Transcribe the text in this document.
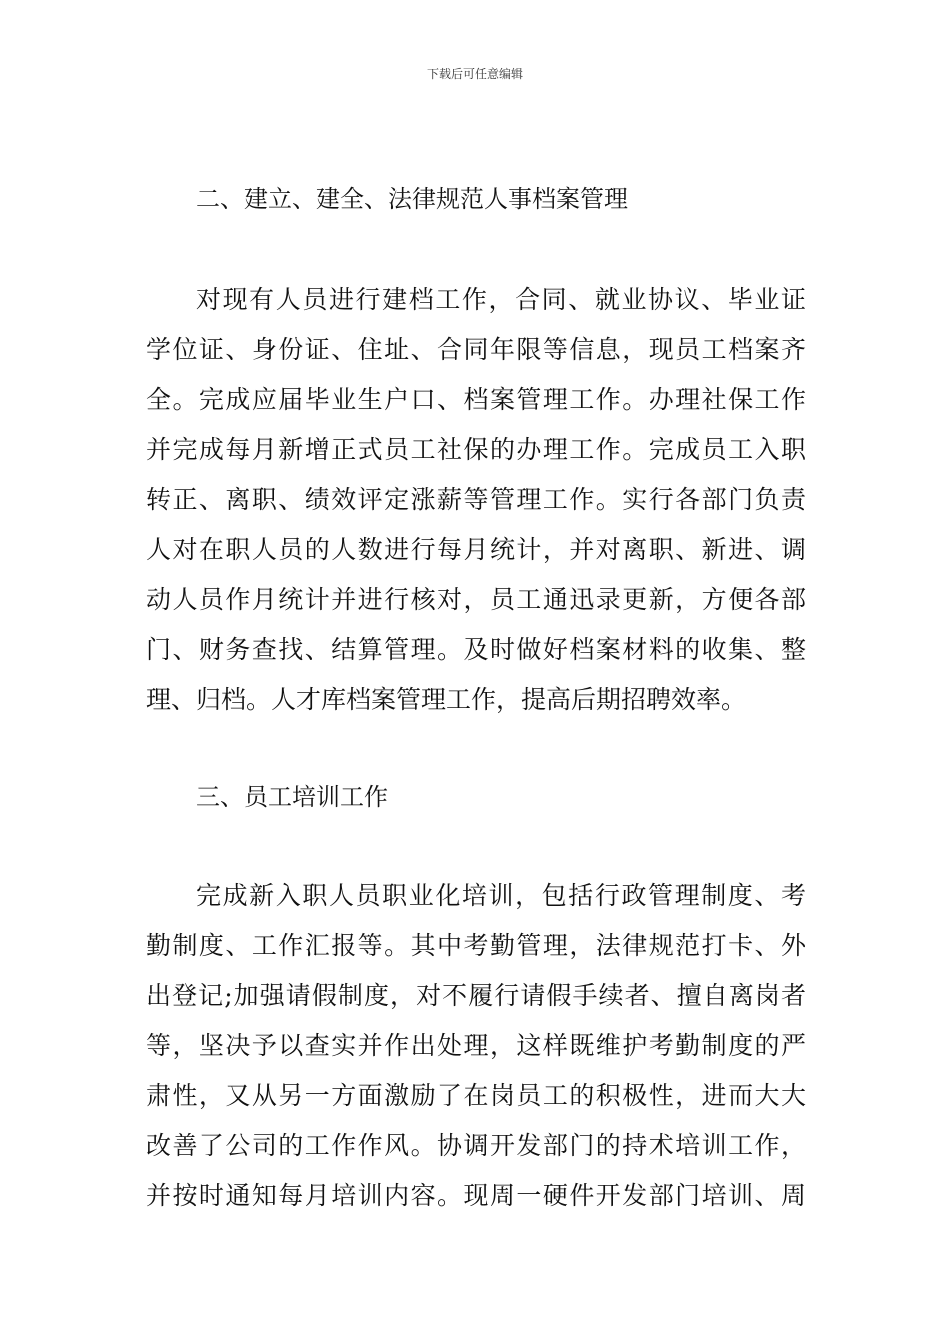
下载后可任意编辑
二、建立、建全、法律规范人事档案管理
对现有人员进行建档工作，合同、就业协议、毕业证
学位证、身份证、住址、合同年限等信息，现员工档案齐
全。完成应届毕业生户口、档案管理工作。办理社保工作
并完成每月新增正式员工社保的办理工作。完成员工入职
转正、离职、绩效评定涨薪等管理工作。实行各部门负责
人对在职人员的人数进行每月统计，并对离职、新进、调
动人员作月统计并进行核对，员工通迅录更新，方便各部
门、财务查找、结算管理。及时做好档案材料的收集、整
理、归档。人才库档案管理工作，提高后期招聘效率。
三、员工培训工作
完成新入职人员职业化培训，包括行政管理制度、考
勤制度、工作汇报等。其中考勤管理，法律规范打卡、外
出登记;加强请假制度，对不履行请假手续者、擅自离岗者
等，坚决予以查实并作出处理，这样既维护考勤制度的严
肃性，又从另一方面激励了在岗员工的积极性，进而大大
改善了公司的工作作风。协调开发部门的持术培训工作，
并按时通知每月培训内容。现周一硬件开发部门培训、周
